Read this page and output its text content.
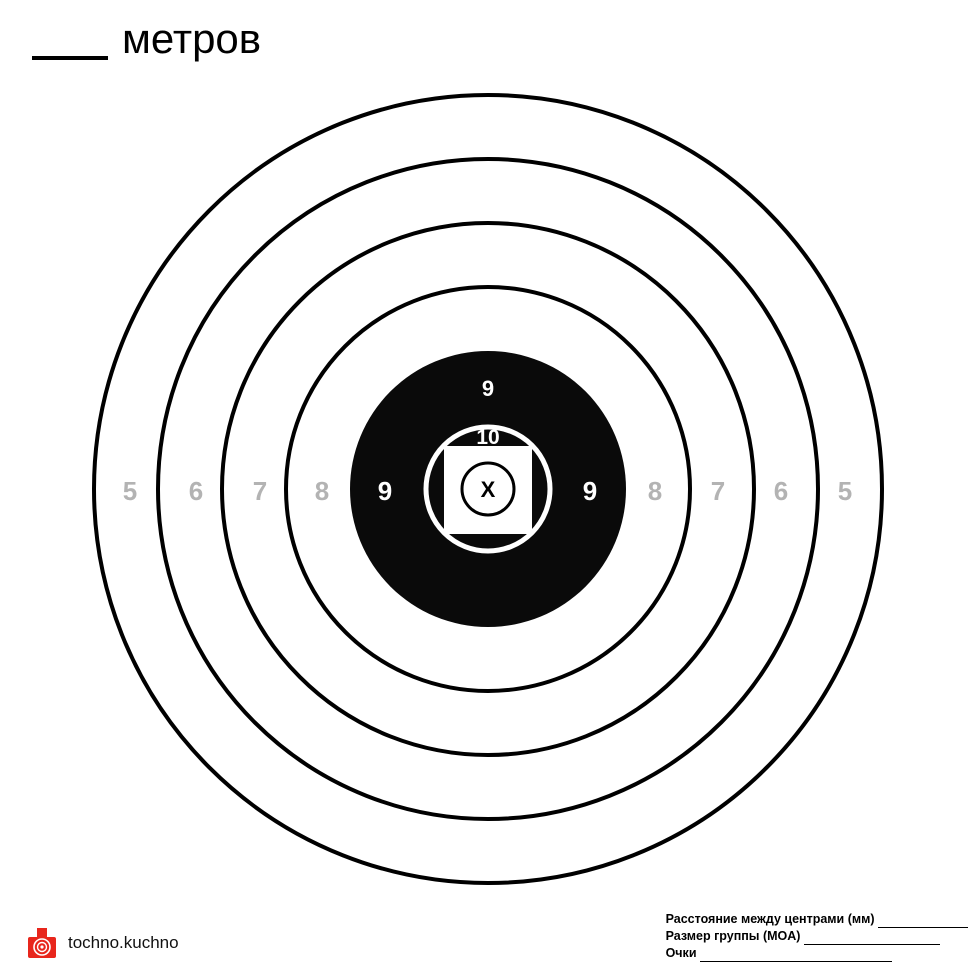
метров
5 6 7 8 9	9 8 7 6 5
9
10
X
tochno.kuchno
Расстояние между центрами (мм)
Размер группы (MOA)
Очки
